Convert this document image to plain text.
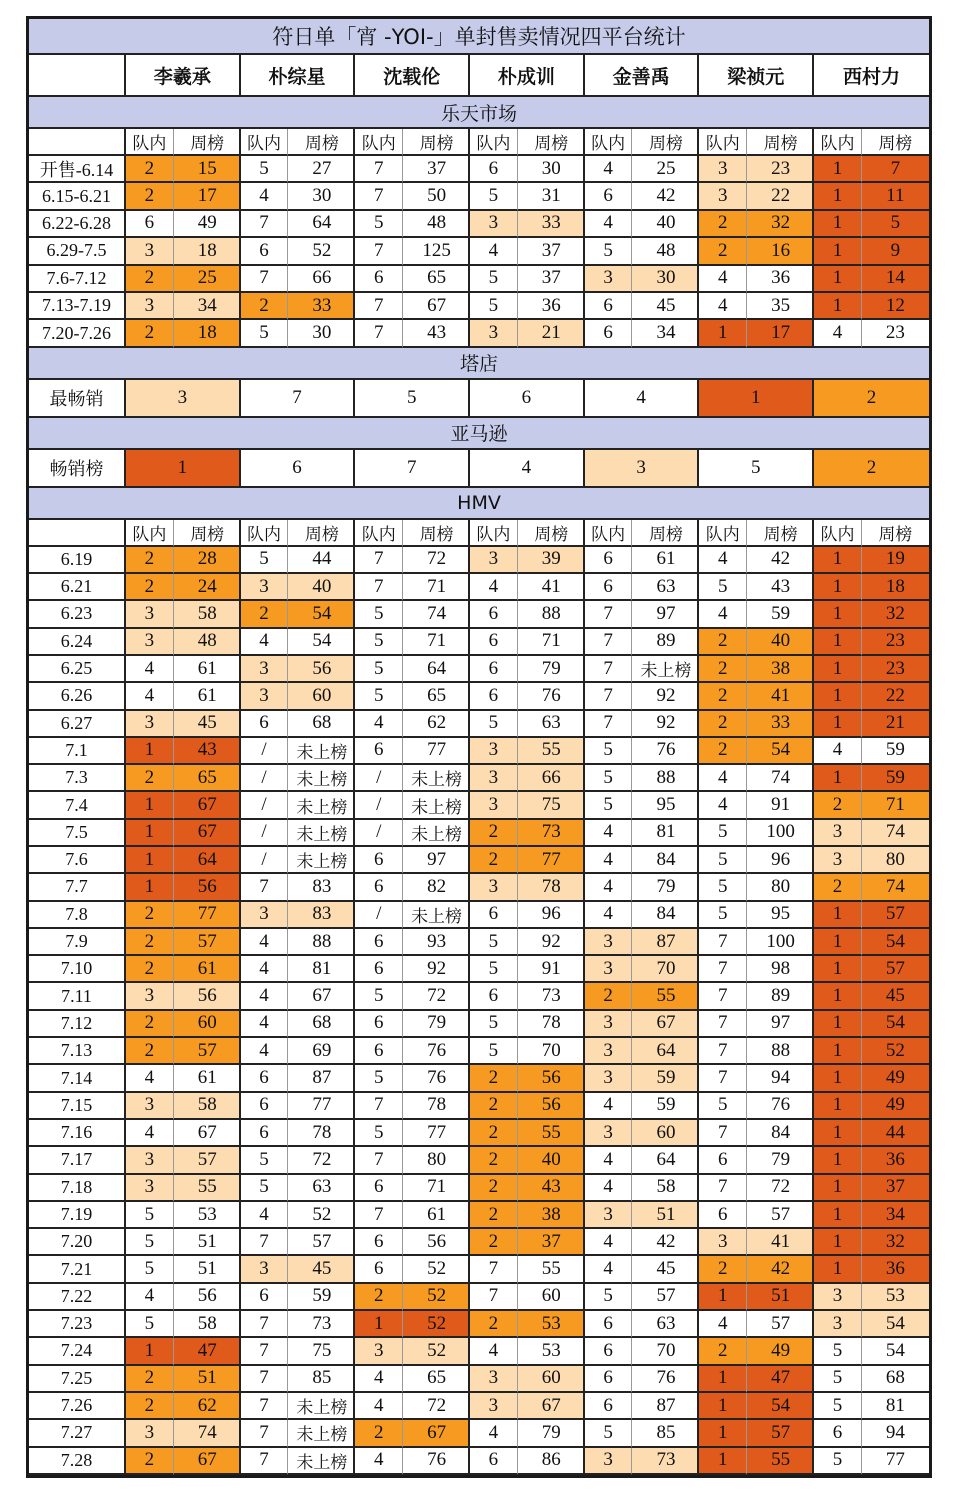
符日单「宵 -YOI-」单封售卖情况四平台统计
李羲承	朴综星	沈载伦	朴成训	金善禹	梁祯元	西村力
乐天市场
队内	周榜	队内	周榜	队内	周榜	队内	周榜	队内	周榜	队内	周榜	队内	周榜
开售-6.14	2	15	5	27	7	37	6	30	4	25	3	23	1	7
6.15-6.21	2	17	4	30	7	50	5	31	6	42	3	22	1	11
6.22-6.28	6	49	7	64	5	48	3	33	4	40	2	32	1	5
6.29-7.5	3	18	6	52	7	125	4	37	5	48	2	16	1	9
7.6-7.12	2	25	7	66	6	65	5	37	3	30	4	36	1	14
7.13-7.19	3	34	2	33	7	67	5	36	6	45	4	35	1	12
7.20-7.26	2	18	5	30	7	43	3	21	6	34	1	17	4	23
塔店
最畅销	3	7	5	6	4	1	2
亚马逊
畅销榜	1	6	7	4	3	5	2
HMV
队内	周榜	队内	周榜	队内	周榜	队内	周榜	队内	周榜	队内	周榜	队内	周榜
6.19	2	28	5	44	7	72	3	39	6	61	4	42	1	19
6.21	2	24	3	40	7	71	4	41	6	63	5	43	1	18
6.23	3	58	2	54	5	74	6	88	7	97	4	59	1	32
6.24	3	48	4	54	5	71	6	71	7	89	2	40	1	23
6.25	4	61	3	56	5	64	6	79	7	未上榜	2	38	1	23
6.26	4	61	3	60	5	65	6	76	7	92	2	41	1	22
6.27	3	45	6	68	4	62	5	63	7	92	2	33	1	21
7.1	1	43	/	未上榜	6	77	3	55	5	76	2	54	4	59
7.3	2	65	/	未上榜	/	未上榜	3	66	5	88	4	74	1	59
7.4	1	67	/	未上榜	/	未上榜	3	75	5	95	4	91	2	71
7.5	1	67	/	未上榜	/	未上榜	2	73	4	81	5	100	3	74
7.6	1	64	/	未上榜	6	97	2	77	4	84	5	96	3	80
7.7	1	56	7	83	6	82	3	78	4	79	5	80	2	74
7.8	2	77	3	83	/	未上榜	6	96	4	84	5	95	1	57
7.9	2	57	4	88	6	93	5	92	3	87	7	100	1	54
7.10	2	61	4	81	6	92	5	91	3	70	7	98	1	57
7.11	3	56	4	67	5	72	6	73	2	55	7	89	1	45
7.12	2	60	4	68	6	79	5	78	3	67	7	97	1	54
7.13	2	57	4	69	6	76	5	70	3	64	7	88	1	52
7.14	4	61	6	87	5	76	2	56	3	59	7	94	1	49
7.15	3	58	6	77	7	78	2	56	4	59	5	76	1	49
7.16	4	67	6	78	5	77	2	55	3	60	7	84	1	44
7.17	3	57	5	72	7	80	2	40	4	64	6	79	1	36
7.18	3	55	5	63	6	71	2	43	4	58	7	72	1	37
7.19	5	53	4	52	7	61	2	38	3	51	6	57	1	34
7.20	5	51	7	57	6	56	2	37	4	42	3	41	1	32
7.21	5	51	3	45	6	52	7	55	4	45	2	42	1	36
7.22	4	56	6	59	2	52	7	60	5	57	1	51	3	53
7.23	5	58	7	73	1	52	2	53	6	63	4	57	3	54
7.24	1	47	7	75	3	52	4	53	6	70	2	49	5	54
7.25	2	51	7	85	4	65	3	60	6	76	1	47	5	68
7.26	2	62	7	未上榜	4	72	3	67	6	87	1	54	5	81
7.27	3	74	7	未上榜	2	67	4	79	5	85	1	57	6	94
7.28	2	67	7	未上榜	4	76	6	86	3	73	1	55	5	77
